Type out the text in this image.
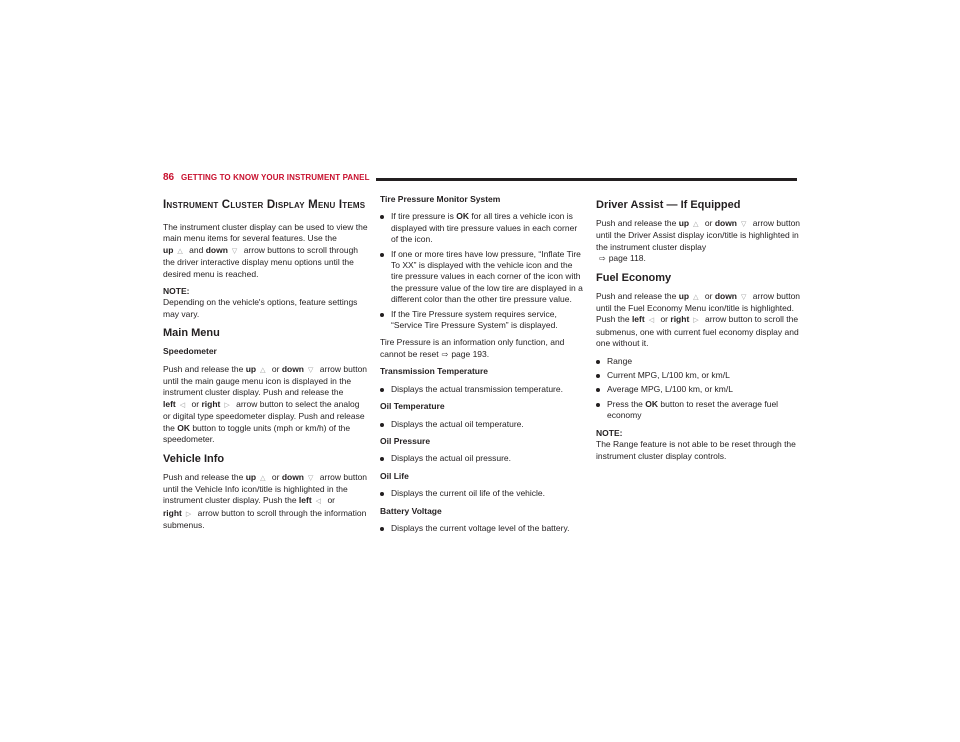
86 GETTING TO KNOW YOUR INSTRUMENT PANEL
Instrument Cluster Display Menu Items

The instrument cluster display can be used to view the main menu items for several features. Use the
up △ and down ▽ arrow buttons to scroll through the driver interactive display menu options until the desired menu is reached.

NOTE:

Depending on the vehicle's options, feature settings may vary.

Main Menu
Speedometer

Push and release the up △ or down ▽ arrow button until the main gauge menu icon is displayed in the instrument cluster display. Push and release the left ◁ or right ▷ arrow button to select the analog or digital type speedometer display. Push and release the OK button to toggle units (mph or km/h) of the speedometer.

Vehicle Info

Push and release the up △ or down ▽ arrow button until the Vehicle Info icon/title is highlighted in the instrument cluster display. Push the left ◁ or right ▷ arrow button to scroll through the information submenus.

Tire Pressure Monitor System
If tire pressure is OK for all tires a vehicle icon is displayed with tire pressure values in each corner of the icon.
If one or more tires have low pressure, “Inflate Tire To XX” is displayed with the vehicle icon and the tire pressure values in each corner of the icon with the pressure value of the low tire are displayed in a different color than the other tire pressure value.
If the Tire Pressure system requires service, “Service Tire Pressure System” is displayed.

Tire Pressure is an information only function, and cannot be reset ⇨ page 193.

Transmission Temperature
Displays the actual transmission temperature.
Oil Temperature
Displays the actual oil temperature.
Oil Pressure
Displays the actual oil pressure.
Oil Life
Displays the current oil life of the vehicle.
Battery Voltage
Displays the current voltage level of the battery.
Driver Assist — If Equipped

Push and release the up △ or down ▽ arrow button until the Driver Assist display icon/title is highlighted in the instrument cluster display
⇨ page 118.

Fuel Economy

Push and release the up △ or down ▽ arrow button until the Fuel Economy Menu icon/title is highlighted. Push the left ◁ or right ▷ arrow button to scroll the submenus, one with current fuel economy display and one without it.

Range
Current MPG, L/100 km, or km/L
Average MPG, L/100 km, or km/L
Press the OK button to reset the average fuel economy
NOTE:

The Range feature is not able to be reset through the instrument cluster display controls.
